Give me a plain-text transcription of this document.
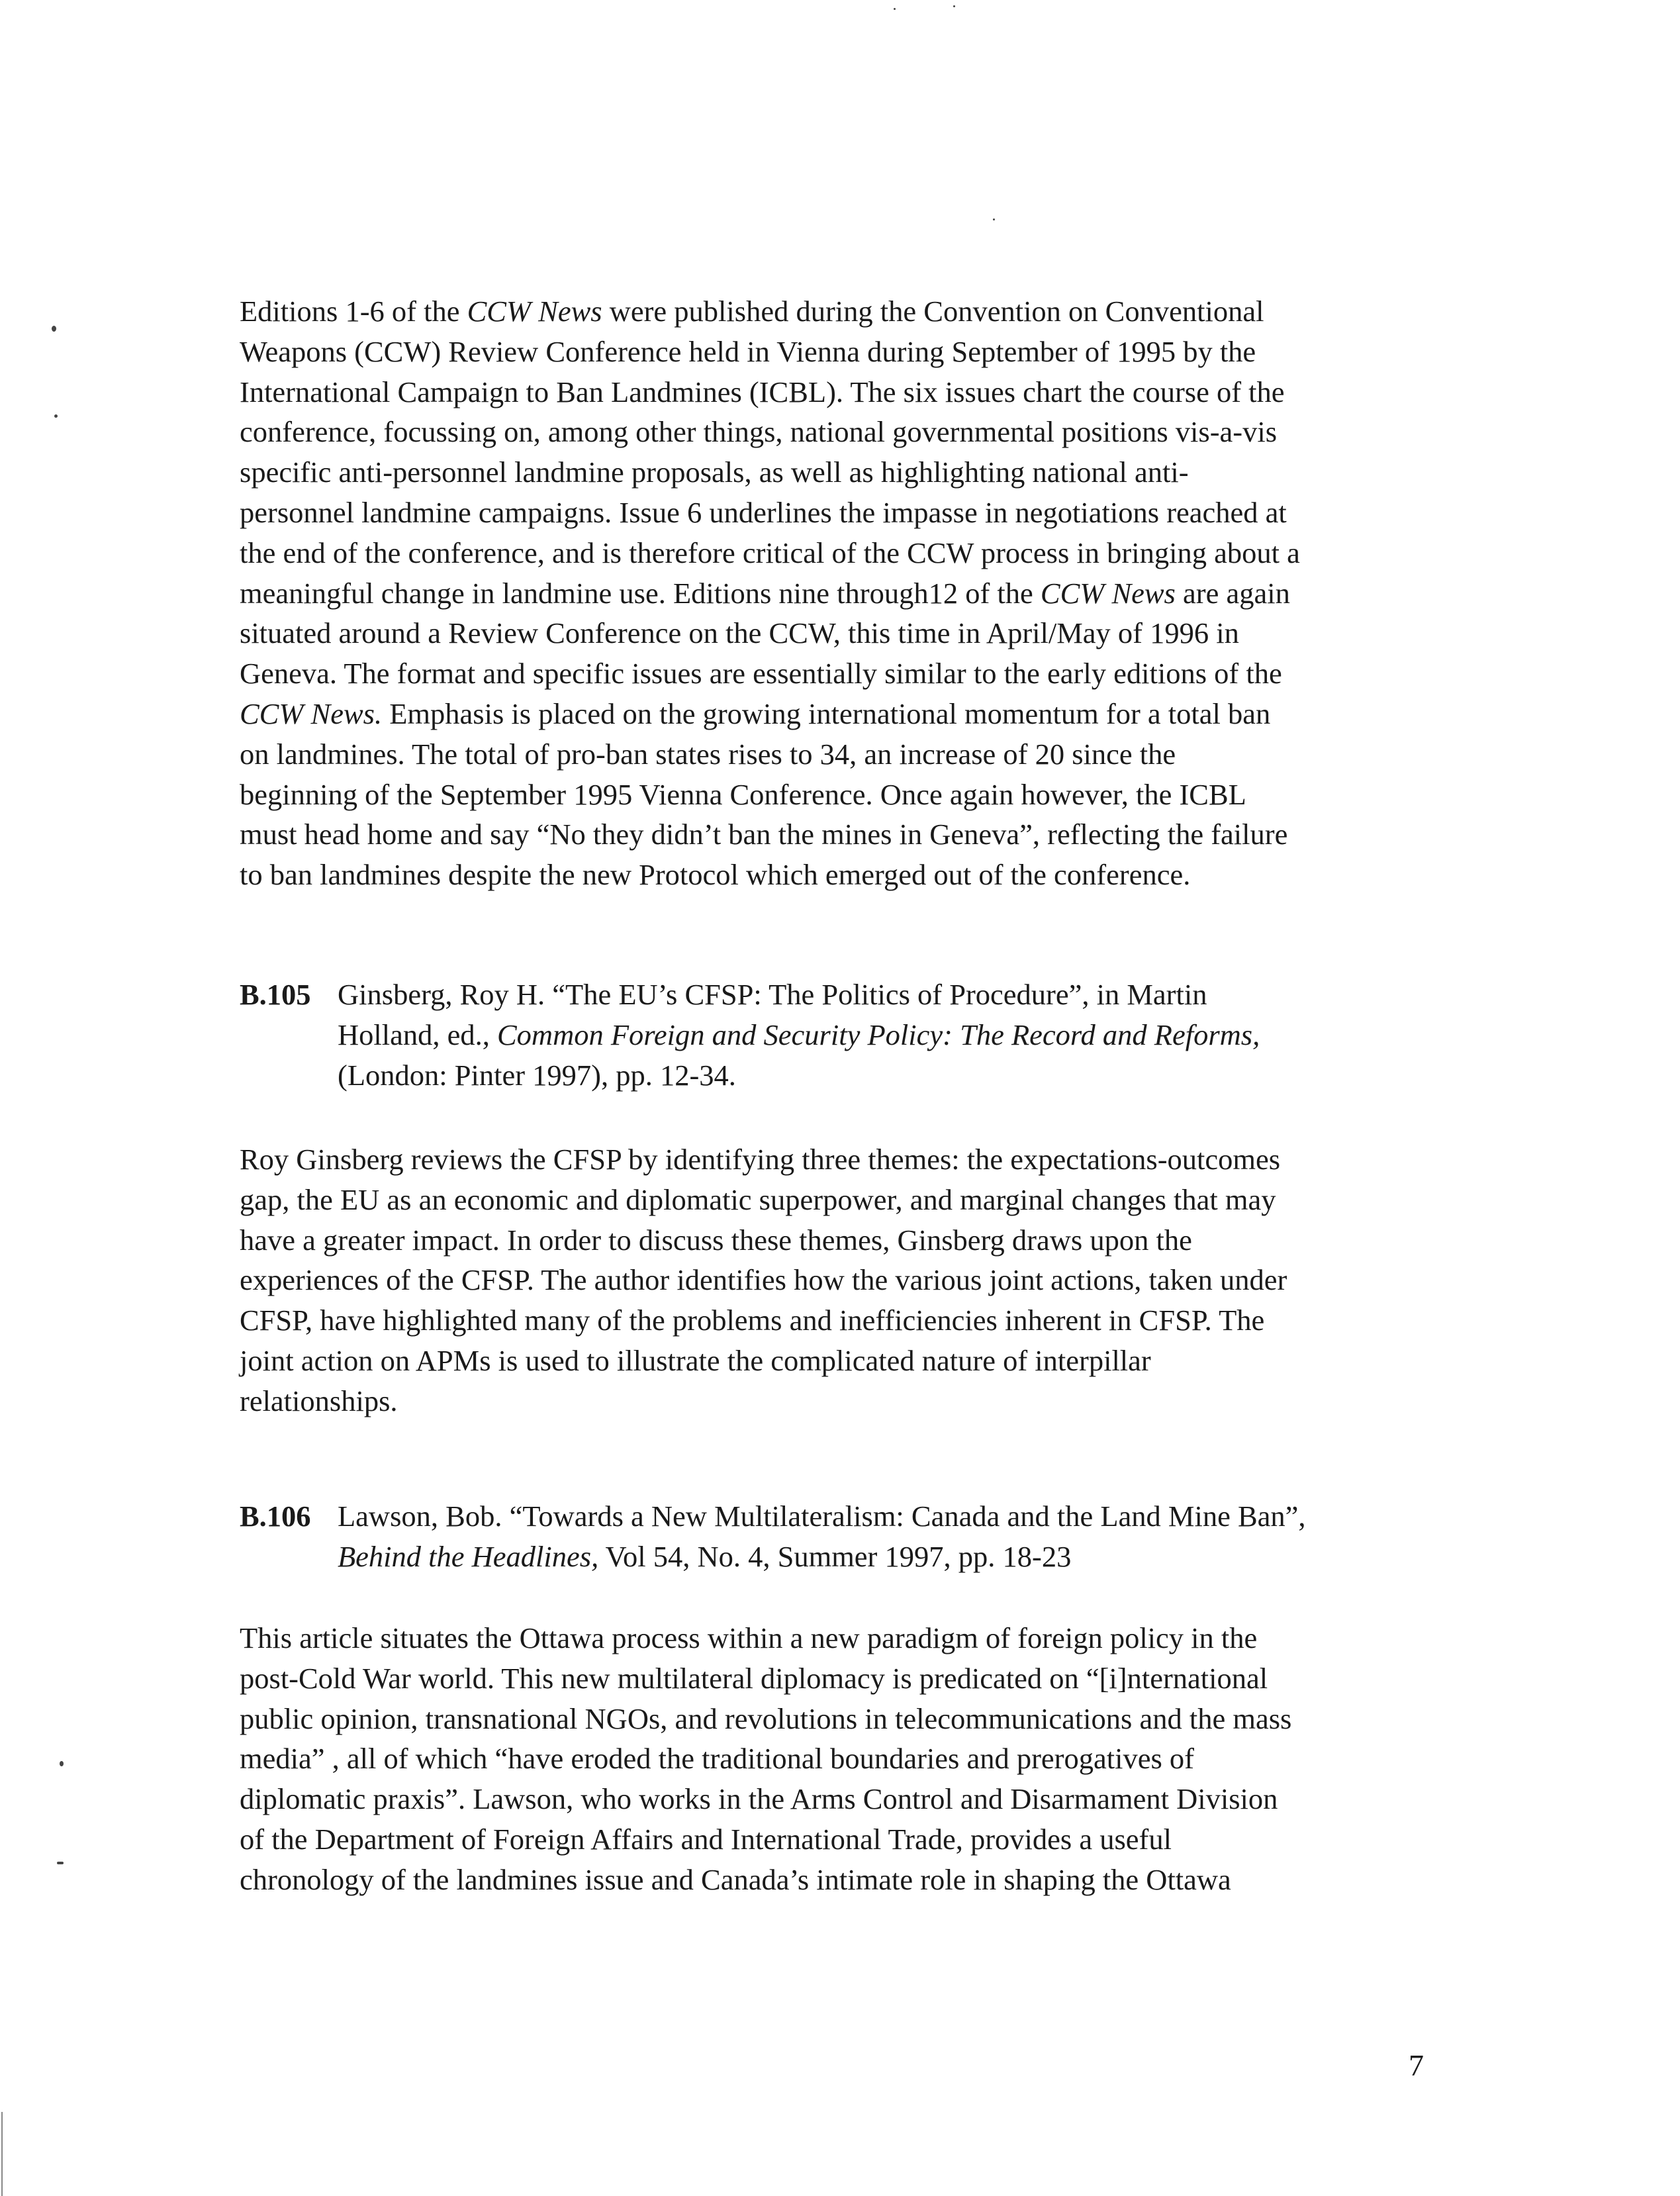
Editions 1-6 of the CCW News were published during the Convention on Conventional
Weapons (CCW) Review Conference held in Vienna during September of 1995 by the
International Campaign to Ban Landmines (ICBL). The six issues chart the course of the
conference, focussing on, among other things, national governmental positions vis-a-vis
specific anti-personnel landmine proposals, as well as highlighting national anti-
personnel landmine campaigns. Issue 6 underlines the impasse in negotiations reached at
the end of the conference, and is therefore critical of the CCW process in bringing about a
meaningful change in landmine use. Editions nine through12 of the CCW News are again
situated around a Review Conference on the CCW, this time in April/May of 1996 in
Geneva. The format and specific issues are essentially similar to the early editions of the
CCW News. Emphasis is placed on the growing international momentum for a total ban
on landmines. The total of pro-ban states rises to 34, an increase of 20 since the
beginning of the September 1995 Vienna Conference. Once again however, the ICBL
must head home and say “No they didn’t ban the mines in Geneva”, reflecting the failure
to ban landmines despite the new Protocol which emerged out of the conference.
B.105 Ginsberg, Roy H. “The EU’s CFSP: The Politics of Procedure”, in Martin
Holland, ed., Common Foreign and Security Policy: The Record and Reforms,
(London: Pinter 1997), pp. 12-34.
Roy Ginsberg reviews the CFSP by identifying three themes: the expectations-outcomes
gap, the EU as an economic and diplomatic superpower, and marginal changes that may
have a greater impact. In order to discuss these themes, Ginsberg draws upon the
experiences of the CFSP. The author identifies how the various joint actions, taken under
CFSP, have highlighted many of the problems and inefficiencies inherent in CFSP. The
joint action on APMs is used to illustrate the complicated nature of interpillar
relationships.
B.106 Lawson, Bob. “Towards a New Multilateralism: Canada and the Land Mine Ban”,
Behind the Headlines, Vol 54, No. 4, Summer 1997, pp. 18-23
This article situates the Ottawa process within a new paradigm of foreign policy in the
post-Cold War world. This new multilateral diplomacy is predicated on “[i]nternational
public opinion, transnational NGOs, and revolutions in telecommunications and the mass
media” , all of which “have eroded the traditional boundaries and prerogatives of
diplomatic praxis”. Lawson, who works in the Arms Control and Disarmament Division
of the Department of Foreign Affairs and International Trade, provides a useful
chronology of the landmines issue and Canada’s intimate role in shaping the Ottawa
7
